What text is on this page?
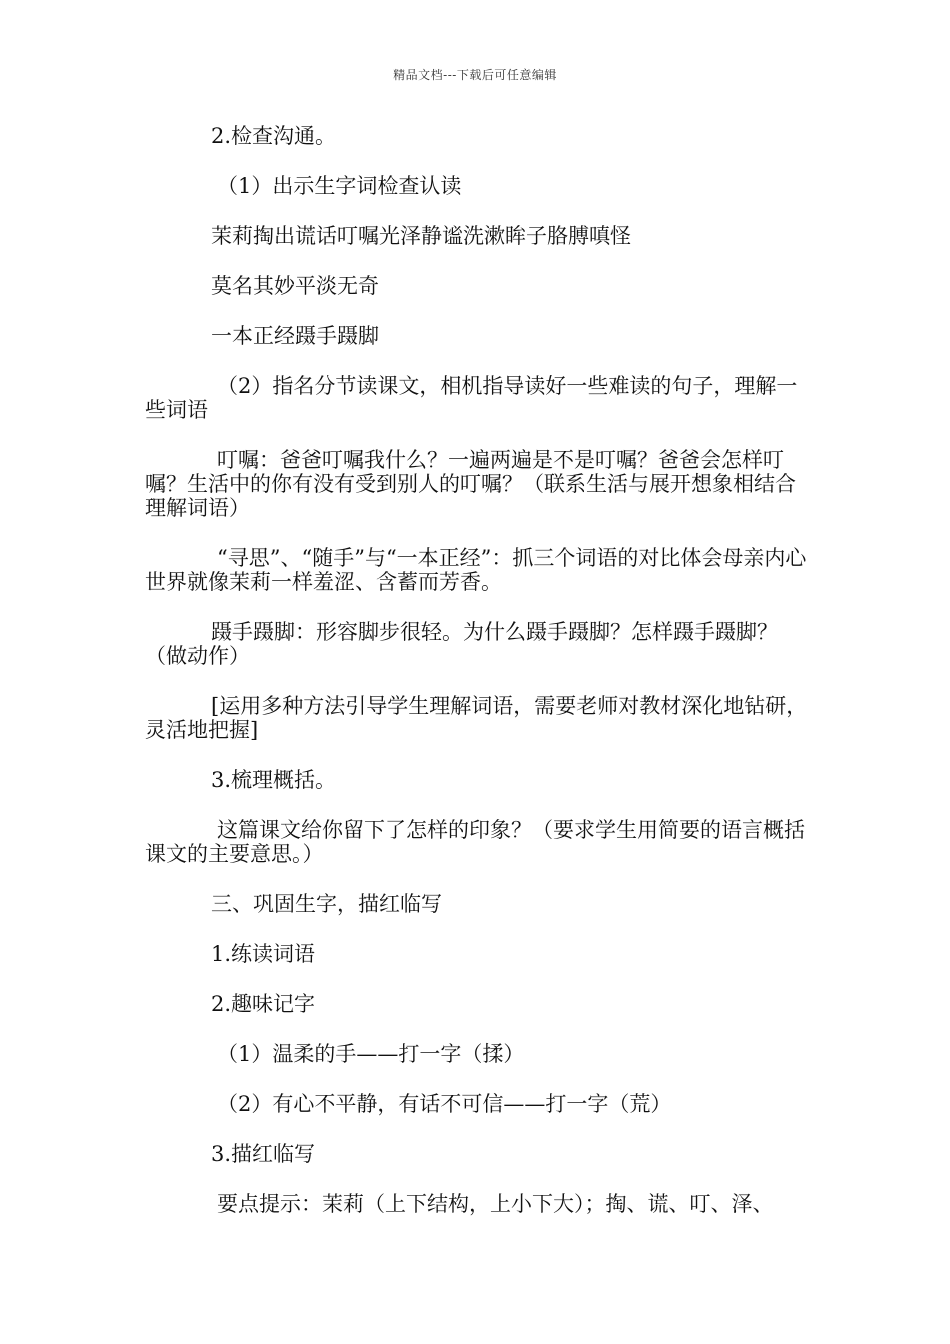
精品文档---下载后可任意编辑
2.检查沟通。
（1）出示生字词检查认读
茉莉掏出谎话叮嘱光泽静谧洗漱眸子胳膊嗔怪
莫名其妙平淡无奇
一本正经蹑手蹑脚
（2）指名分节读课文，相机指导读好一些难读的句子，理解一些词语
叮嘱：爸爸叮嘱我什么？一遍两遍是不是叮嘱？爸爸会怎样叮嘱？生活中的你有没有受到别人的叮嘱？（联系生活与展开想象相结合理解词语）
“寻思”、“随手”与“一本正经”：抓三个词语的对比体会母亲内心世界就像茉莉一样羞涩、含蓄而芳香。
蹑手蹑脚：形容脚步很轻。为什么蹑手蹑脚？怎样蹑手蹑脚？（做动作）
[运用多种方法引导学生理解词语，需要老师对教材深化地钻研，灵活地把握]
3.梳理概括。
这篇课文给你留下了怎样的印象？（要求学生用简要的语言概括课文的主要意思。）
三、巩固生字，描红临写
1.练读词语
2.趣味记字
（1）温柔的手——打一字（揉）
（2）有心不平静，有话不可信——打一字（荒）
3.描红临写
要点提示：茉莉（上下结构，上小下大）；掏、谎、叮、泽、
